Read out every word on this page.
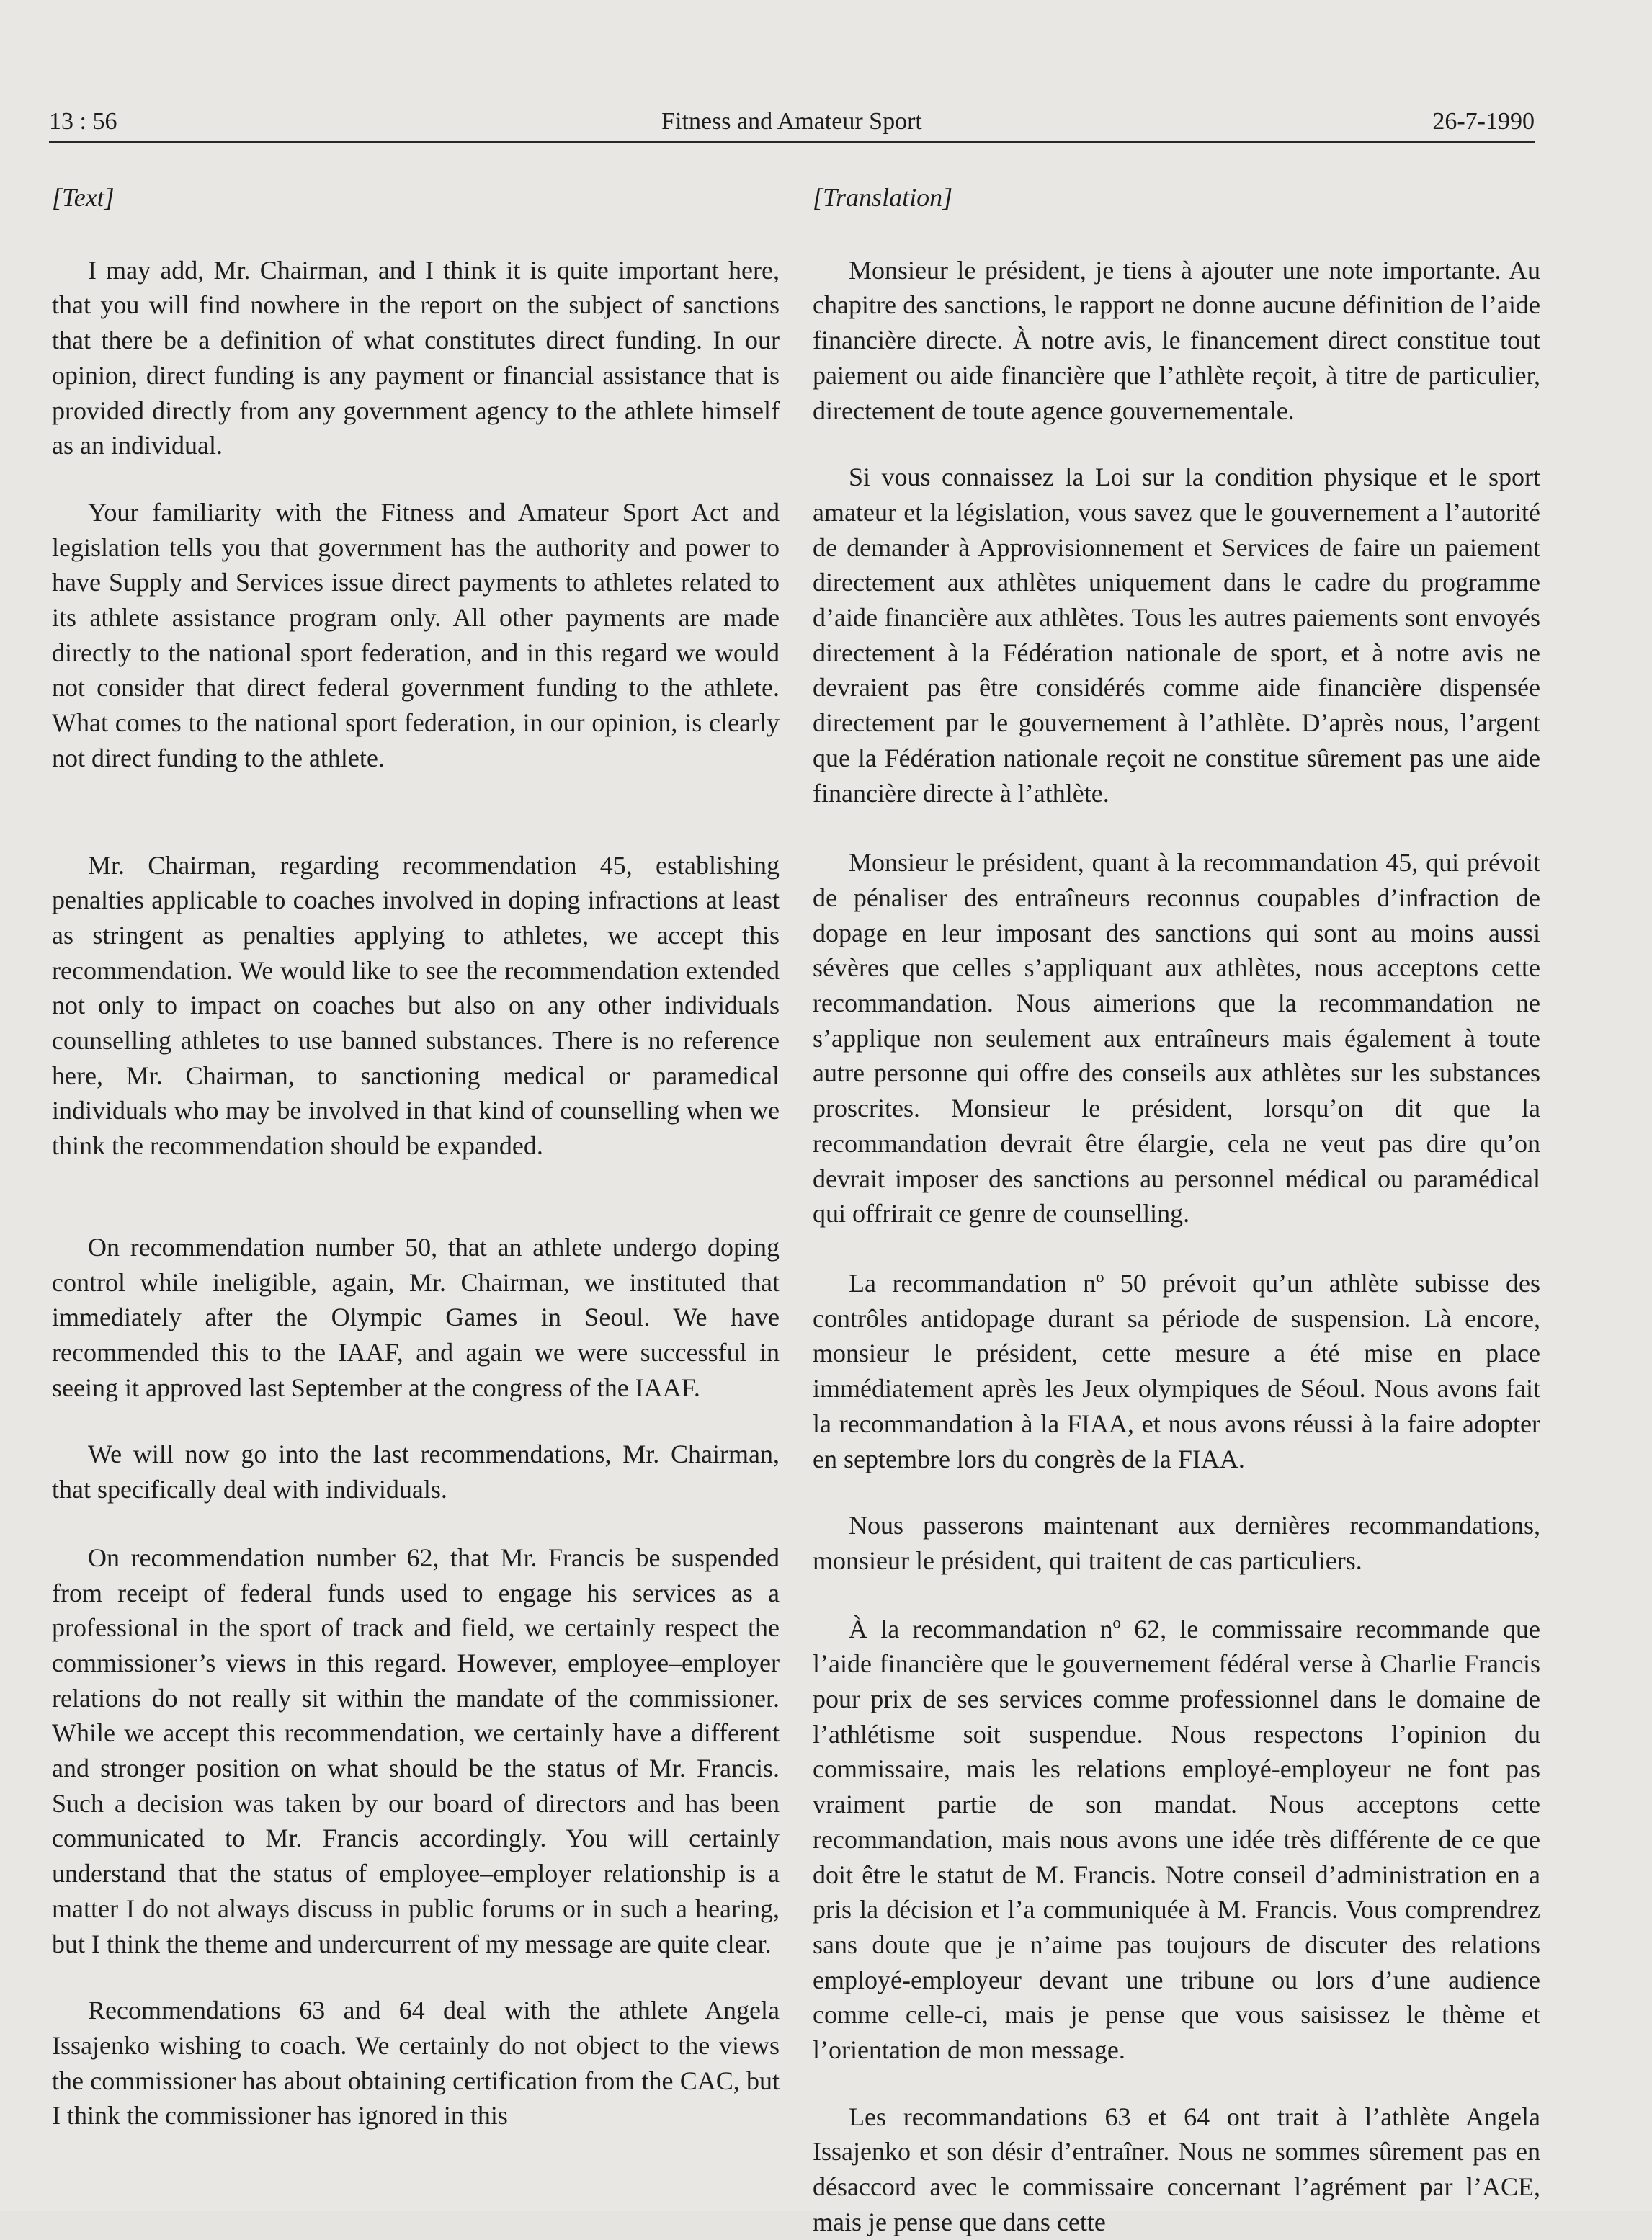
13 : 56	Fitness and Amateur Sport	26-7-1990
[Text]

I may add, Mr. Chairman, and I think it is quite important here, that you will find nowhere in the report on the subject of sanctions that there be a definition of what constitutes direct funding. In our opinion, direct funding is any payment or financial assistance that is provided directly from any government agency to the athlete himself as an individual.

Your familiarity with the Fitness and Amateur Sport Act and legislation tells you that government has the authority and power to have Supply and Services issue direct payments to athletes related to its athlete assistance program only. All other payments are made directly to the national sport federation, and in this regard we would not consider that direct federal government funding to the athlete. What comes to the national sport federation, in our opinion, is clearly not direct funding to the athlete.

Mr. Chairman, regarding recommendation 45, establishing penalties applicable to coaches involved in doping infractions at least as stringent as penalties applying to athletes, we accept this recommendation. We would like to see the recommendation extended not only to impact on coaches but also on any other individuals counselling athletes to use banned substances. There is no reference here, Mr. Chairman, to sanctioning medical or paramedical individuals who may be involved in that kind of counselling when we think the recommendation should be expanded.

On recommendation number 50, that an athlete undergo doping control while ineligible, again, Mr. Chairman, we instituted that immediately after the Olympic Games in Seoul. We have recommended this to the IAAF, and again we were successful in seeing it approved last September at the congress of the IAAF.

We will now go into the last recommendations, Mr. Chairman, that specifically deal with individuals.

On recommendation number 62, that Mr. Francis be suspended from receipt of federal funds used to engage his services as a professional in the sport of track and field, we certainly respect the commissioner’s views in this regard. However, employee–employer relations do not really sit within the mandate of the commissioner. While we accept this recommendation, we certainly have a different and stronger position on what should be the status of Mr. Francis. Such a decision was taken by our board of directors and has been communicated to Mr. Francis accordingly. You will certainly understand that the status of employee–employer relationship is a matter I do not always discuss in public forums or in such a hearing, but I think the theme and undercurrent of my message are quite clear.

Recommendations 63 and 64 deal with the athlete Angela Issajenko wishing to coach. We certainly do not object to the views the commissioner has about obtaining certification from the CAC, but I think the commissioner has ignored in this

[Translation]

Monsieur le président, je tiens à ajouter une note importante. Au chapitre des sanctions, le rapport ne donne aucune définition de l’aide financière directe. À notre avis, le financement direct constitue tout paiement ou aide financière que l’athlète reçoit, à titre de particulier, directement de toute agence gouvernementale.

Si vous connaissez la Loi sur la condition physique et le sport amateur et la législation, vous savez que le gouvernement a l’autorité de demander à Approvisionnement et Services de faire un paiement directement aux athlètes uniquement dans le cadre du programme d’aide financière aux athlètes. Tous les autres paiements sont envoyés directement à la Fédération nationale de sport, et à notre avis ne devraient pas être considérés comme aide financière dispensée directement par le gouvernement à l’athlète. D’après nous, l’argent que la Fédération nationale reçoit ne constitue sûrement pas une aide financière directe à l’athlète.

Monsieur le président, quant à la recommandation 45, qui prévoit de pénaliser des entraîneurs reconnus coupables d’infraction de dopage en leur imposant des sanctions qui sont au moins aussi sévères que celles s’appliquant aux athlètes, nous acceptons cette recommandation. Nous aimerions que la recommandation ne s’applique non seulement aux entraîneurs mais également à toute autre personne qui offre des conseils aux athlètes sur les substances proscrites. Monsieur le président, lorsqu’on dit que la recommandation devrait être élargie, cela ne veut pas dire qu’on devrait imposer des sanctions au personnel médical ou paramédical qui offrirait ce genre de counselling.

La recommandation nº 50 prévoit qu’un athlète subisse des contrôles antidopage durant sa période de suspension. Là encore, monsieur le président, cette mesure a été mise en place immédiatement après les Jeux olympiques de Séoul. Nous avons fait la recommandation à la FIAA, et nous avons réussi à la faire adopter en septembre lors du congrès de la FIAA.

Nous passerons maintenant aux dernières recommandations, monsieur le président, qui traitent de cas particuliers.

À la recommandation nº 62, le commissaire recommande que l’aide financière que le gouvernement fédéral verse à Charlie Francis pour prix de ses services comme professionnel dans le domaine de l’athlétisme soit suspendue. Nous respectons l’opinion du commissaire, mais les relations employé-employeur ne font pas vraiment partie de son mandat. Nous acceptons cette recommandation, mais nous avons une idée très différente de ce que doit être le statut de M. Francis. Notre conseil d’administration en a pris la décision et l’a communiquée à M. Francis. Vous comprendrez sans doute que je n’aime pas toujours de discuter des relations employé-employeur devant une tribune ou lors d’une audience comme celle-ci, mais je pense que vous saisissez le thème et l’orientation de mon message.

Les recommandations 63 et 64 ont trait à l’athlète Angela Issajenko et son désir d’entraîner. Nous ne sommes sûrement pas en désaccord avec le commissaire concernant l’agrément par l’ACE, mais je pense que dans cette
